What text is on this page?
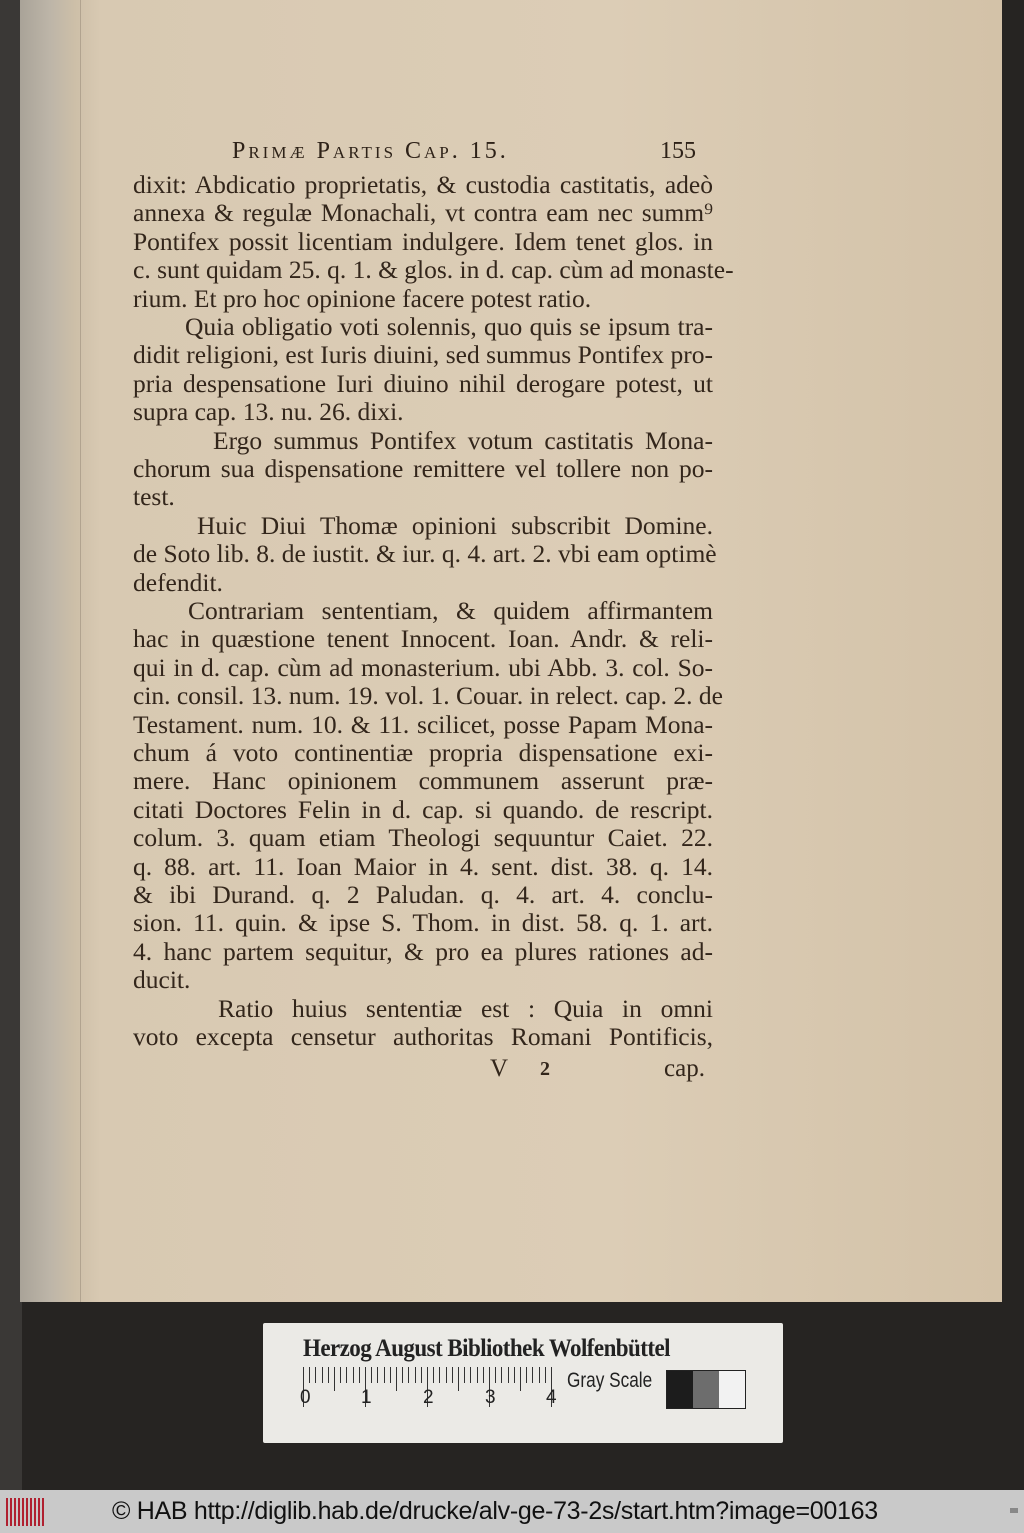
Primæ Partis Cap. 15.	155
dixit: Abdicatio proprietatis, & custodia castitatis, adeò
annexa & regulæ Monachali, vt contra eam nec summ⁹
Pontifex possit licentiam indulgere. Idem tenet glos. in
c. sunt quidam 25. q. 1. & glos. in d. cap. cùm ad monaste-
rium. Et pro hoc opinione facere potest ratio.
Quia obligatio voti solennis, quo quis se ipsum tra-
didit religioni, est Iuris diuini, sed summus Pontifex pro-
pria despensatione Iuri diuino nihil derogare potest, ut
supra cap. 13. nu. 26. dixi.
Ergo summus Pontifex votum castitatis Mona-
chorum sua dispensatione remittere vel tollere non po-
test.
Huic Diui Thomæ opinioni subscribit Domine.
de Soto lib. 8. de iustit. & iur. q. 4. art. 2. vbi eam optimè
defendit.
Contrariam sententiam, & quidem affirmantem
hac in quæstione tenent Innocent. Ioan. Andr. & reli-
qui in d. cap. cùm ad monasterium. ubi Abb. 3. col. So-
cin. consil. 13. num. 19. vol. 1. Couar. in relect. cap. 2. de
Testament. num. 10. & 11. scilicet, posse Papam Mona-
chum á voto continentiæ propria dispensatione exi-
mere. Hanc opinionem communem asserunt præ-
citati Doctores Felin in d. cap. si quando. de rescript.
colum. 3. quam etiam Theologi sequuntur Caiet. 22.
q. 88. art. 11. Ioan Maior in 4. sent. dist. 38. q. 14.
& ibi Durand. q. 2 Paludan. q. 4. art. 4. conclu-
sion. 11. quin. & ipse S. Thom. in dist. 58. q. 1. art.
4. hanc partem sequitur, & pro ea plures rationes ad-
ducit.
Ratio huius sententiæ est : Quia in omni
voto excepta censetur authoritas Romani Pontificis,
V 2	cap.
Herzog August Bibliothek Wolfenbüttel
0	1	2	3	4
Gray Scale
© HAB http://diglib.hab.de/drucke/alv-ge-73-2s/start.htm?image=00163
